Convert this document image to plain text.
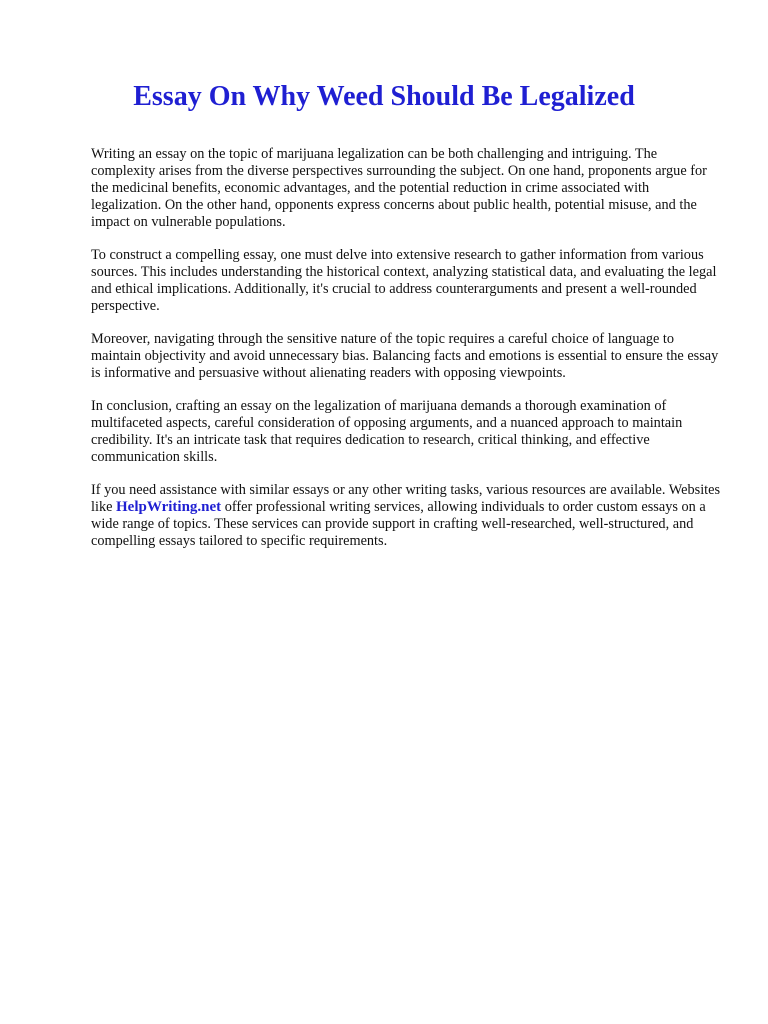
Essay On Why Weed Should Be Legalized

Writing an essay on the topic of marijuana legalization can be both challenging and intriguing. The complexity arises from the diverse perspectives surrounding the subject. On one hand, proponents argue for the medicinal benefits, economic advantages, and the potential reduction in crime associated with legalization. On the other hand, opponents express concerns about public health, potential misuse, and the impact on vulnerable populations.

To construct a compelling essay, one must delve into extensive research to gather information from various sources. This includes understanding the historical context, analyzing statistical data, and evaluating the legal and ethical implications. Additionally, it's crucial to address counterarguments and present a well-rounded perspective.

Moreover, navigating through the sensitive nature of the topic requires a careful choice of language to maintain objectivity and avoid unnecessary bias. Balancing facts and emotions is essential to ensure the essay is informative and persuasive without alienating readers with opposing viewpoints.

In conclusion, crafting an essay on the legalization of marijuana demands a thorough examination of multifaceted aspects, careful consideration of opposing arguments, and a nuanced approach to maintain credibility. It's an intricate task that requires dedication to research, critical thinking, and effective communication skills.

If you need assistance with similar essays or any other writing tasks, various resources are available. Websites like HelpWriting.net offer professional writing services, allowing individuals to order custom essays on a wide range of topics. These services can provide support in crafting well-researched, well-structured, and compelling essays tailored to specific requirements.
